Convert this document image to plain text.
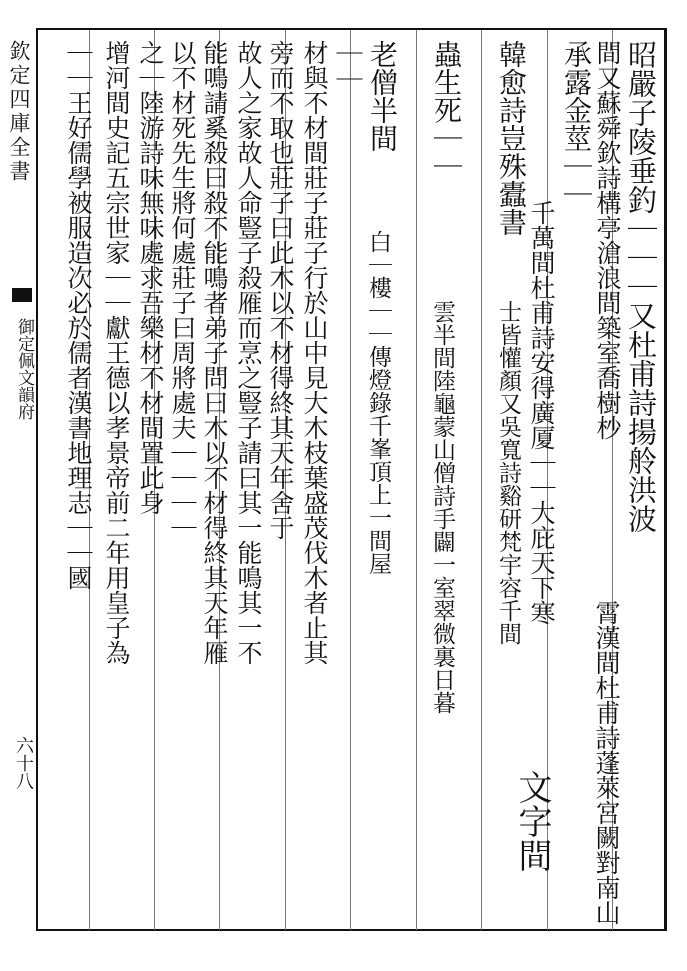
欽定四庫全書
御定佩文韻府
六十八
昭嚴子陵垂釣｜｜｜又杜甫詩揚舲洪波
間又蘇舜欽詩構亭滄浪間築室喬樹杪
霄漢間杜甫詩蓬萊宮闕對南山
承露金莖｜｜
千萬間杜甫詩安得廣厦｜｜大庇天下寒
韓愈詩豈殊蠹書
士皆懽顏又吳寬詩谿研梵宇容千間
文字間
蟲生死｜｜
雲半間陸龜蒙山僧詩手闢一室翠微裏日暮
老僧半間
白｜樓｜｜傳燈錄千峯頂上一間屋
｜｜
材與不材間莊子莊子行於山中見大木枝葉盛茂伐木者止其
旁而不取也莊子曰此木以不材得終其天年舍于
故人之家故人命豎子殺雁而烹之豎子請曰其一能鳴其一不
能鳴請奚殺曰殺不能鳴者弟子問曰木以不材得終其天年雁
以不材死先生將何處莊子曰周將處夫｜｜｜｜
之｜陸游詩味無味處求吾樂材不材間置此身
增河間史記五宗世家｜｜獻王德以孝景帝前二年用皇子為
｜｜王好儒學被服造次必於儒者漢書地理志｜｜國
